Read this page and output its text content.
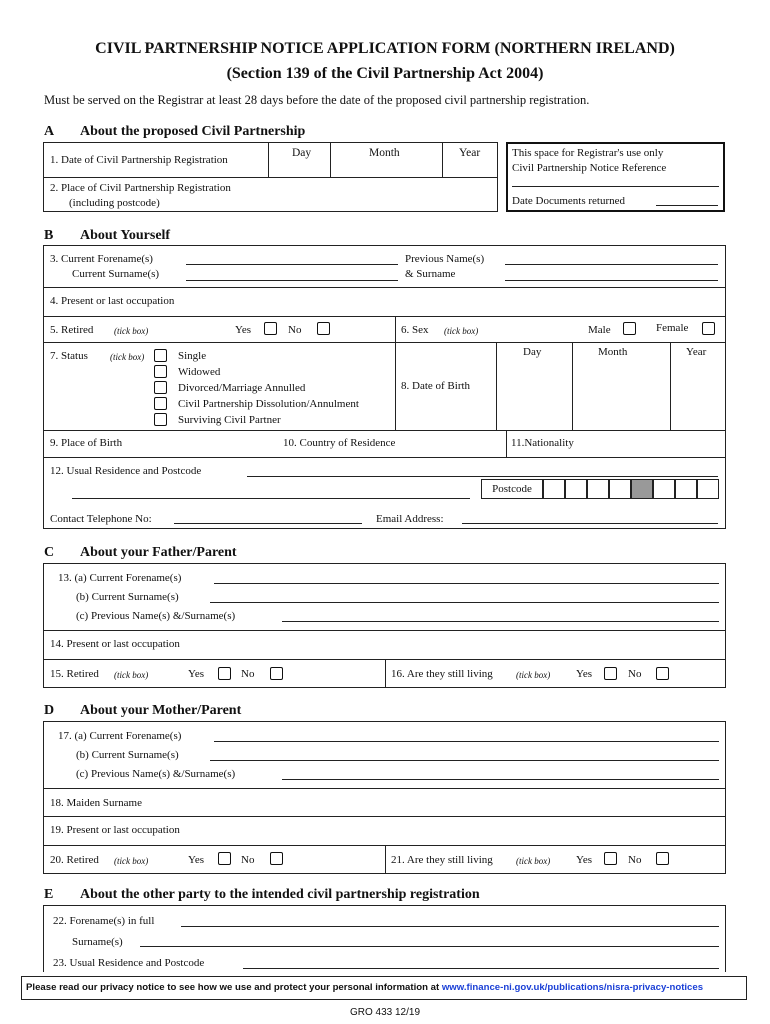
CIVIL PARTNERSHIP NOTICE APPLICATION FORM (NORTHERN IRELAND)
(Section 139 of the Civil Partnership Act 2004)
Must be served on the Registrar at least 28 days before the date of the proposed civil partnership registration.
A About the proposed Civil Partnership
1. Date of Civil Partnership Registration
Day	Month	Year
2. Place of Civil Partnership Registration
(including postcode)
This space for Registrar's use only
Civil Partnership Notice Reference
Date Documents returned
B About Yourself
3. Current Forename(s)
Current Surname(s)
Previous Name(s)
& Surname
4. Present or last occupation
5. Retired (tick box)	Yes	No	6. Sex (tick box)	Male	Female
7. Status (tick box)	Single
Widowed
Divorced/Marriage Annulled
Civil Partnership Dissolution/Annulment
Surviving Civil Partner
8. Date of Birth
Day	Month	Year
9. Place of Birth	10. Country of Residence	11.Nationality
12. Usual Residence and Postcode
Postcode
Contact Telephone No:	Email Address:
C About your Father/Parent
13. (a) Current Forename(s)
(b) Current Surname(s)
(c) Previous Name(s) &/Surname(s)
14. Present or last occupation
15. Retired (tick box)	Yes	No	16. Are they still living	(tick box) Yes	No
D About your Mother/Parent
17. (a) Current Forename(s)
(b) Current Surname(s)
(c) Previous Name(s) &/Surname(s)
18. Maiden Surname
19. Present or last occupation
20. Retired (tick box)	Yes	No	21. Are they still living	(tick box) Yes	No
E About the other party to the intended civil partnership registration
22. Forename(s) in full
Surname(s)
23. Usual Residence and Postcode
Please read our privacy notice to see how we use and protect your personal information at www.finance-ni.gov.uk/publications/nisra-privacy-notices
GRO 433 12/19
